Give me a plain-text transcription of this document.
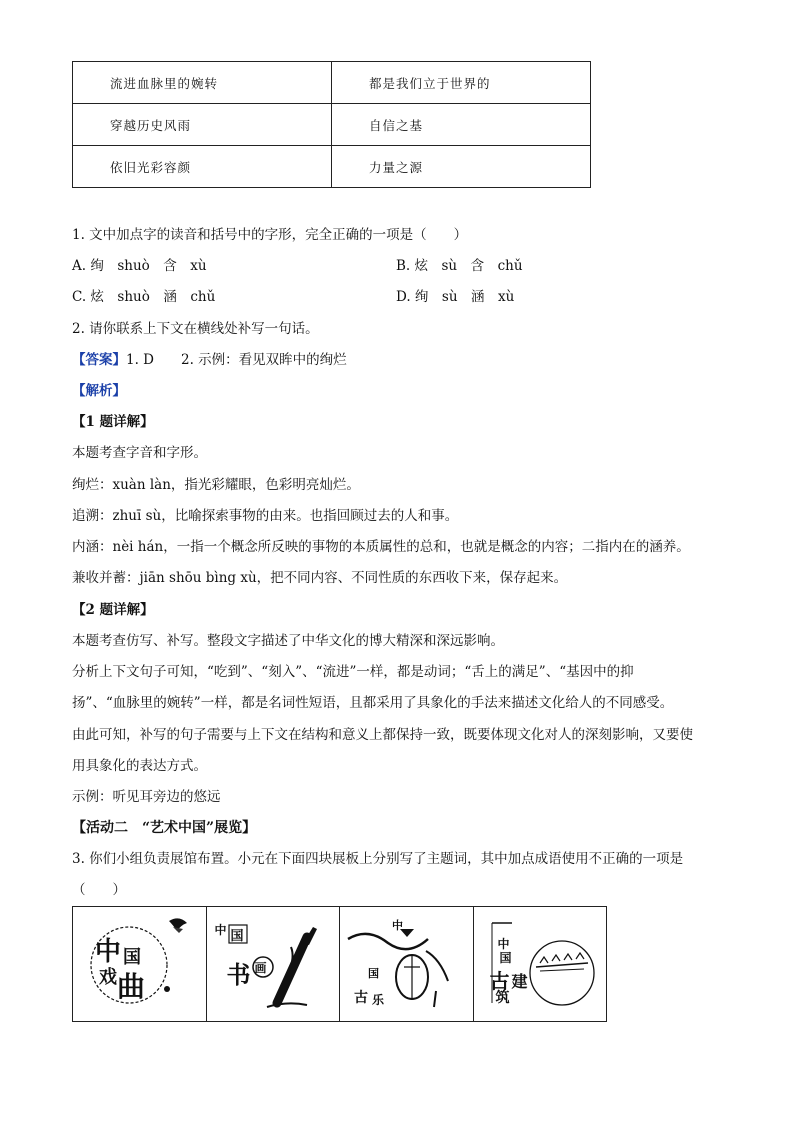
流进血脉里的婉转	都是我们立于世界的
穿越历史风雨	自信之基
依旧光彩容颜	力量之源
1. 文中加点字的读音和括号中的字形，完全正确的一项是（　　）
A. 绚　shuò　含　xù	B. 炫　sù　含　chǔ
C. 炫　shuò　涵　chǔ	D. 绚　sù　涵　xù
2. 请你联系上下文在横线处补写一句话。
【答案】1. D　　2. 示例：看见双眸中的绚烂
【解析】
【1 题详解】
本题考查字音和字形。
绚烂：xuàn làn，指光彩耀眼，色彩明亮灿烂。
追溯：zhuī sù，比喻探索事物的由来。也指回顾过去的人和事。
内涵：nèi hán，一指一个概念所反映的事物的本质属性的总和，也就是概念的内容；二指内在的涵养。
兼收并蓄：jiān shōu bìng xù，把不同内容、不同性质的东西收下来，保存起来。
【2 题详解】
本题考查仿写、补写。整段文字描述了中华文化的博大精深和深远影响。
分析上下文句子可知，“吃到”、“刻入”、“流进”一样，都是动词；“舌上的满足”、“基因中的抑
扬”、“血脉里的婉转”一样，都是名词性短语，且都采用了具象化的手法来描述文化给人的不同感受。
由此可知，补写的句子需要与上下文在结构和意义上都保持一致，既要体现文化对人的深刻影响，又要使
用具象化的表达方式。
示例：听见耳旁边的悠远
【活动二　“艺术中国”展览】
3. 你们小组负责展馆布置。小元在下面四块展板上分别写了主题词，其中加点成语使用不正确的一项是
（　　）
中 国
戏 曲
中 国
书 画
中
国
古 乐
中
国
古 建
筑
